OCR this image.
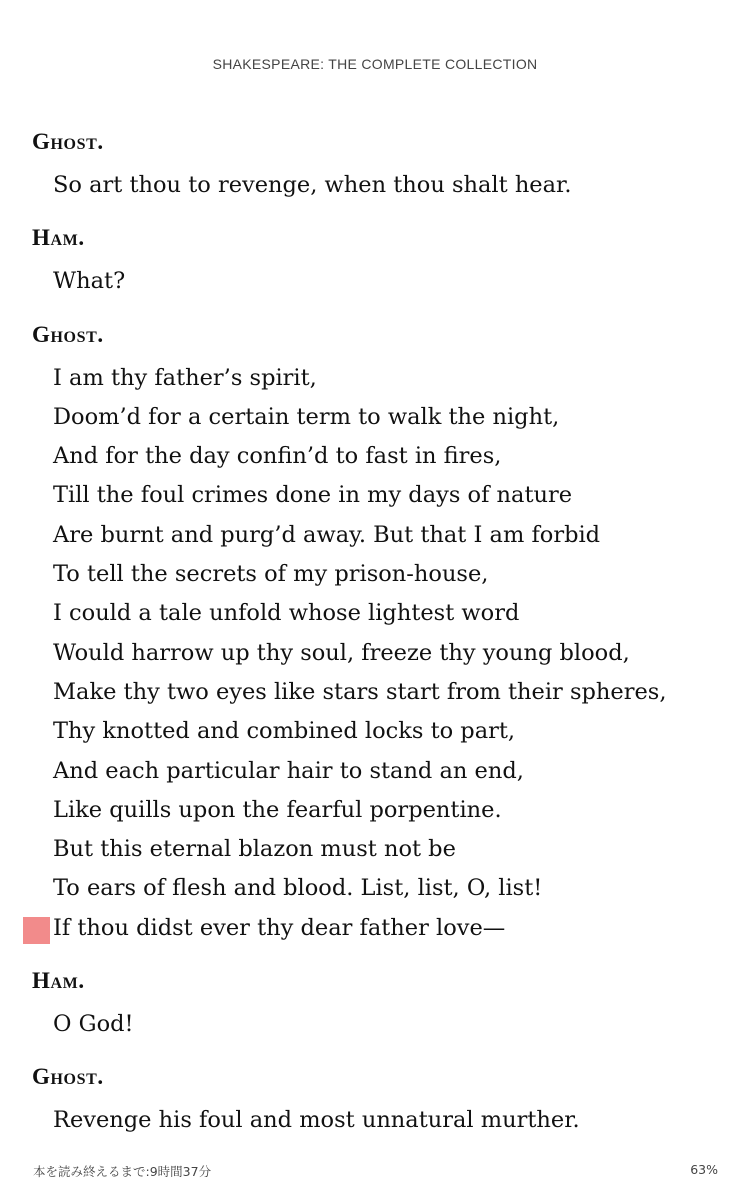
SHAKESPEARE: THE COMPLETE COLLECTION
Ghost.
So art thou to revenge, when thou shalt hear.
Ham.
What?
Ghost.
I am thy father’s spirit,
Doom’d for a certain term to walk the night,
And for the day confin’d to fast in fires,
Till the foul crimes done in my days of nature
Are burnt and purg’d away. But that I am forbid
To tell the secrets of my prison-house,
I could a tale unfold whose lightest word
Would harrow up thy soul, freeze thy young blood,
Make thy two eyes like stars start from their spheres,
Thy knotted and combined locks to part,
And each particular hair to stand an end,
Like quills upon the fearful porpentine.
But this eternal blazon must not be
To ears of flesh and blood. List, list, O, list!
If thou didst ever thy dear father love—
Ham.
O God!
Ghost.
Revenge his foul and most unnatural murther.
本を読み終えるまで:9時間37分	63%
